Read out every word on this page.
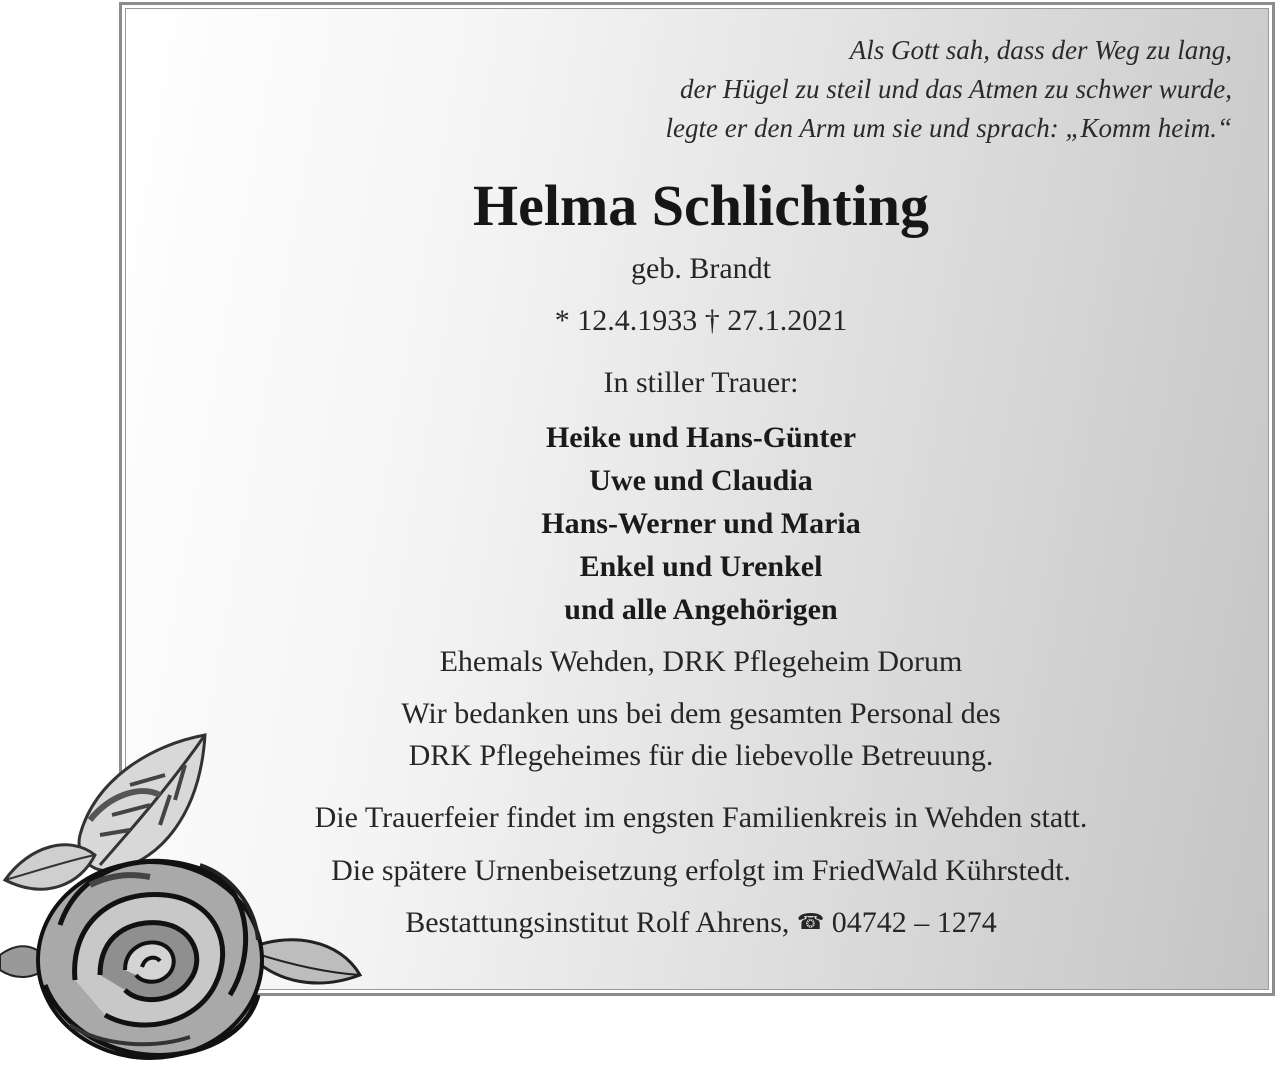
Als Gott sah, dass der Weg zu lang,
der Hügel zu steil und das Atmen zu schwer wurde,
legte er den Arm um sie und sprach: „Komm heim.“
Helma Schlichting
geb. Brandt
* 12.4.1933 † 27.1.2021
In stiller Trauer:
Heike und Hans-Günter
Uwe und Claudia
Hans-Werner und Maria
Enkel und Urenkel
und alle Angehörigen
Ehemals Wehden, DRK Pflegeheim Dorum
Wir bedanken uns bei dem gesamten Personal des
DRK Pflegeheimes für die liebevolle Betreuung.
Die Trauerfeier findet im engsten Familienkreis in Wehden statt.
Die spätere Urnenbeisetzung erfolgt im FriedWald Kührstedt.
Bestattungsinstitut Rolf Ahrens, ☎ 04742 – 1274
